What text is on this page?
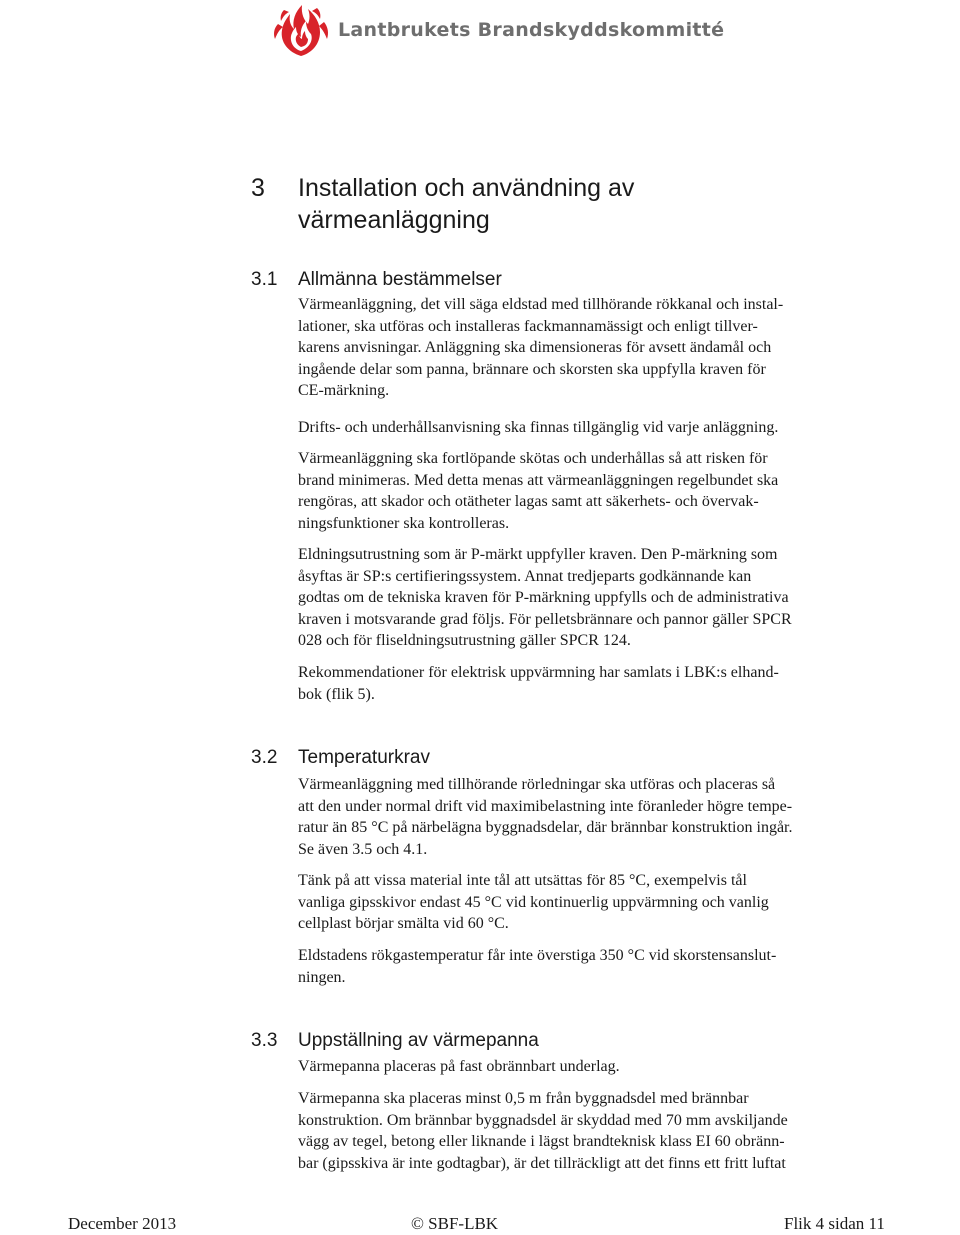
Lantbrukets Brandskyddskommitté
3 Installation och användning av
värmeanläggning
3.1 Allmänna bestämmelser
Värmeanläggning, det vill säga eldstad med tillhörande rökkanal och instal-
lationer, ska utföras och installeras fackmannamässigt och enligt tillver-
karens anvisningar. Anläggning ska dimensioneras för avsett ändamål och
ingående delar som panna, brännare och skorsten ska uppfylla kraven för
CE-märkning.
Drifts- och underhållsanvisning ska finnas tillgänglig vid varje anläggning.
Värmeanläggning ska fortlöpande skötas och underhållas så att risken för
brand minimeras. Med detta menas att värmeanläggningen regelbundet ska
rengöras, att skador och otätheter lagas samt att säkerhets- och övervak-
ningsfunktioner ska kontrolleras.
Eldningsutrustning som är P-märkt uppfyller kraven. Den P-märkning som
åsyftas är SP:s certifieringssystem. Annat tredjeparts godkännande kan
godtas om de tekniska kraven för P-märkning uppfylls och de administrativa
kraven i motsvarande grad följs. För pelletsbrännare och pannor gäller SPCR
028 och för fliseldningsutrustning gäller SPCR 124.
Rekommendationer för elektrisk uppvärmning har samlats i LBK:s elhand-
bok (flik 5).
3.2 Temperaturkrav
Värmeanläggning med tillhörande rörledningar ska utföras och placeras så
att den under normal drift vid maximibelastning inte föranleder högre tempe-
ratur än 85 °C på närbelägna byggnadsdelar, där brännbar konstruktion ingår.
Se även 3.5 och 4.1.
Tänk på att vissa material inte tål att utsättas för 85 °C, exempelvis tål
vanliga gipsskivor endast 45 °C vid kontinuerlig uppvärmning och vanlig
cellplast börjar smälta vid 60 °C.
Eldstadens rökgastemperatur får inte överstiga 350 °C vid skorstensanslut-
ningen.
3.3 Uppställning av värmepanna
Värmepanna placeras på fast obrännbart underlag.
Värmepanna ska placeras minst 0,5 m från byggnadsdel med brännbar
konstruktion. Om brännbar byggnadsdel är skyddad med 70 mm avskiljande
vägg av tegel, betong eller liknande i lägst brandteknisk klass EI 60 obränn-
bar (gipsskiva är inte godtagbar), är det tillräckligt att det finns ett fritt luftat
December 2013	© SBF-LBK	Flik 4 sidan 11
